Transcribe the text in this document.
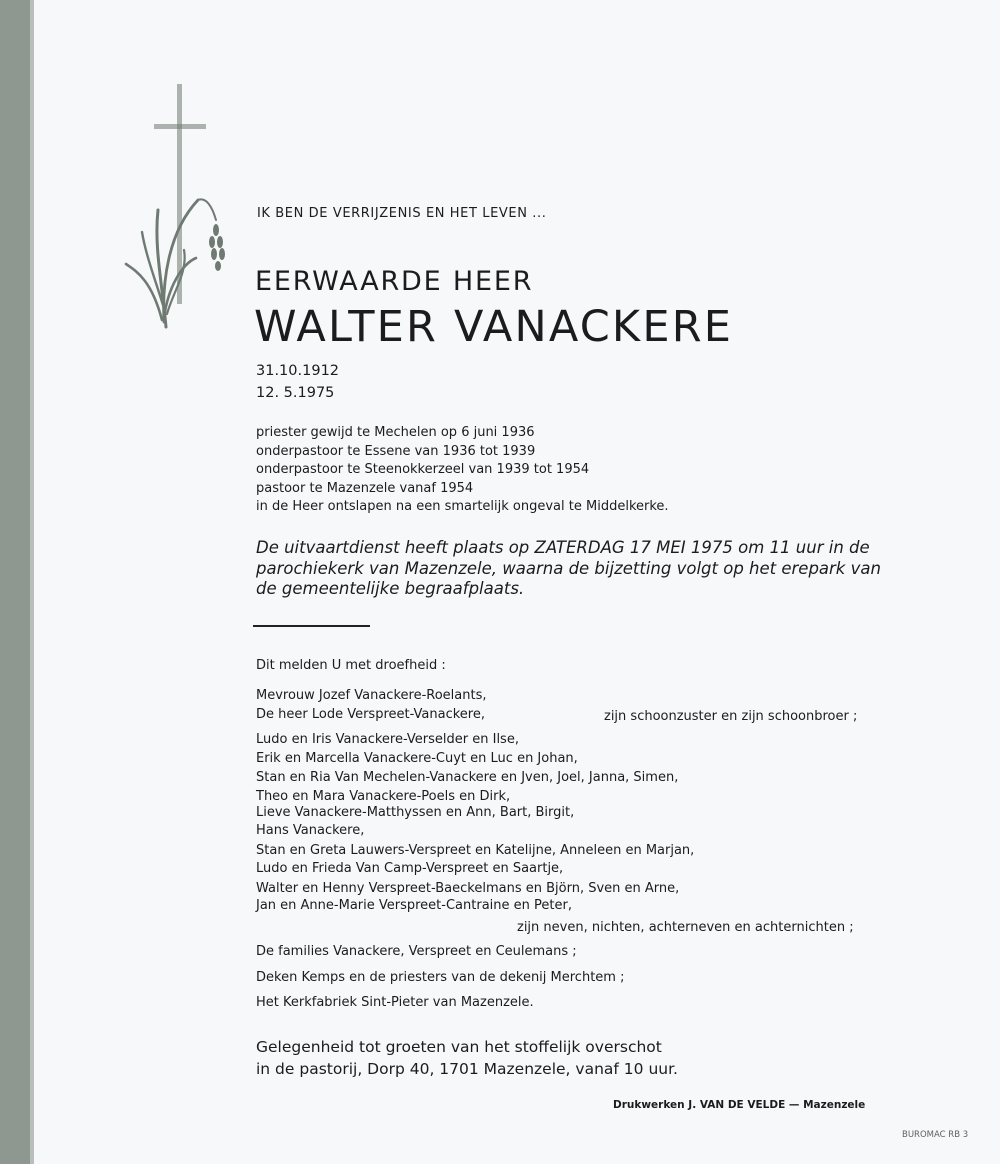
IK BEN DE VERRIJZENIS EN HET LEVEN ...
EERWAARDE HEER
WALTER VANACKERE
31.10.1912
12. 5.1975
priester gewijd te Mechelen op 6 juni 1936
onderpastoor te Essene van 1936 tot 1939
onderpastoor te Steenokkerzeel van 1939 tot 1954
pastoor te Mazenzele vanaf 1954
in de Heer ontslapen na een smartelijk ongeval te Middelkerke.
De uitvaartdienst heeft plaats op ZATERDAG 17 MEI 1975 om 11 uur in de parochiekerk van Mazenzele, waarna de bijzetting volgt op het erepark van de gemeentelijke begraafplaats.
Dit melden U met droefheid :
Mevrouw Jozef Vanackere-Roelants,
De heer Lode Verspreet-Vanackere,	zijn schoonzuster en zijn schoonbroer ;
Ludo en Iris Vanackere-Verselder en Ilse,
Erik en Marcella Vanackere-Cuyt en Luc en Johan,
Stan en Ria Van Mechelen-Vanackere en Jven, Joel, Janna, Simen,
Theo en Mara Vanackere-Poels en Dirk,
Lieve Vanackere-Matthyssen en Ann, Bart, Birgit,
Hans Vanackere,
Stan en Greta Lauwers-Verspreet en Katelijne, Anneleen en Marjan,
Ludo en Frieda Van Camp-Verspreet en Saartje,
Walter en Henny Verspreet-Baeckelmans en Björn, Sven en Arne,
Jan en Anne-Marie Verspreet-Cantraine en Peter,
zijn neven, nichten, achterneven en achternichten ;
De families Vanackere, Verspreet en Ceulemans ;
Deken Kemps en de priesters van de dekenij Merchtem ;
Het Kerkfabriek Sint-Pieter van Mazenzele.
Gelegenheid tot groeten van het stoffelijk overschot
in de pastorij, Dorp 40, 1701 Mazenzele, vanaf 10 uur.
Drukwerken J. VAN DE VELDE — Mazenzele
BUROMAC RB 3
